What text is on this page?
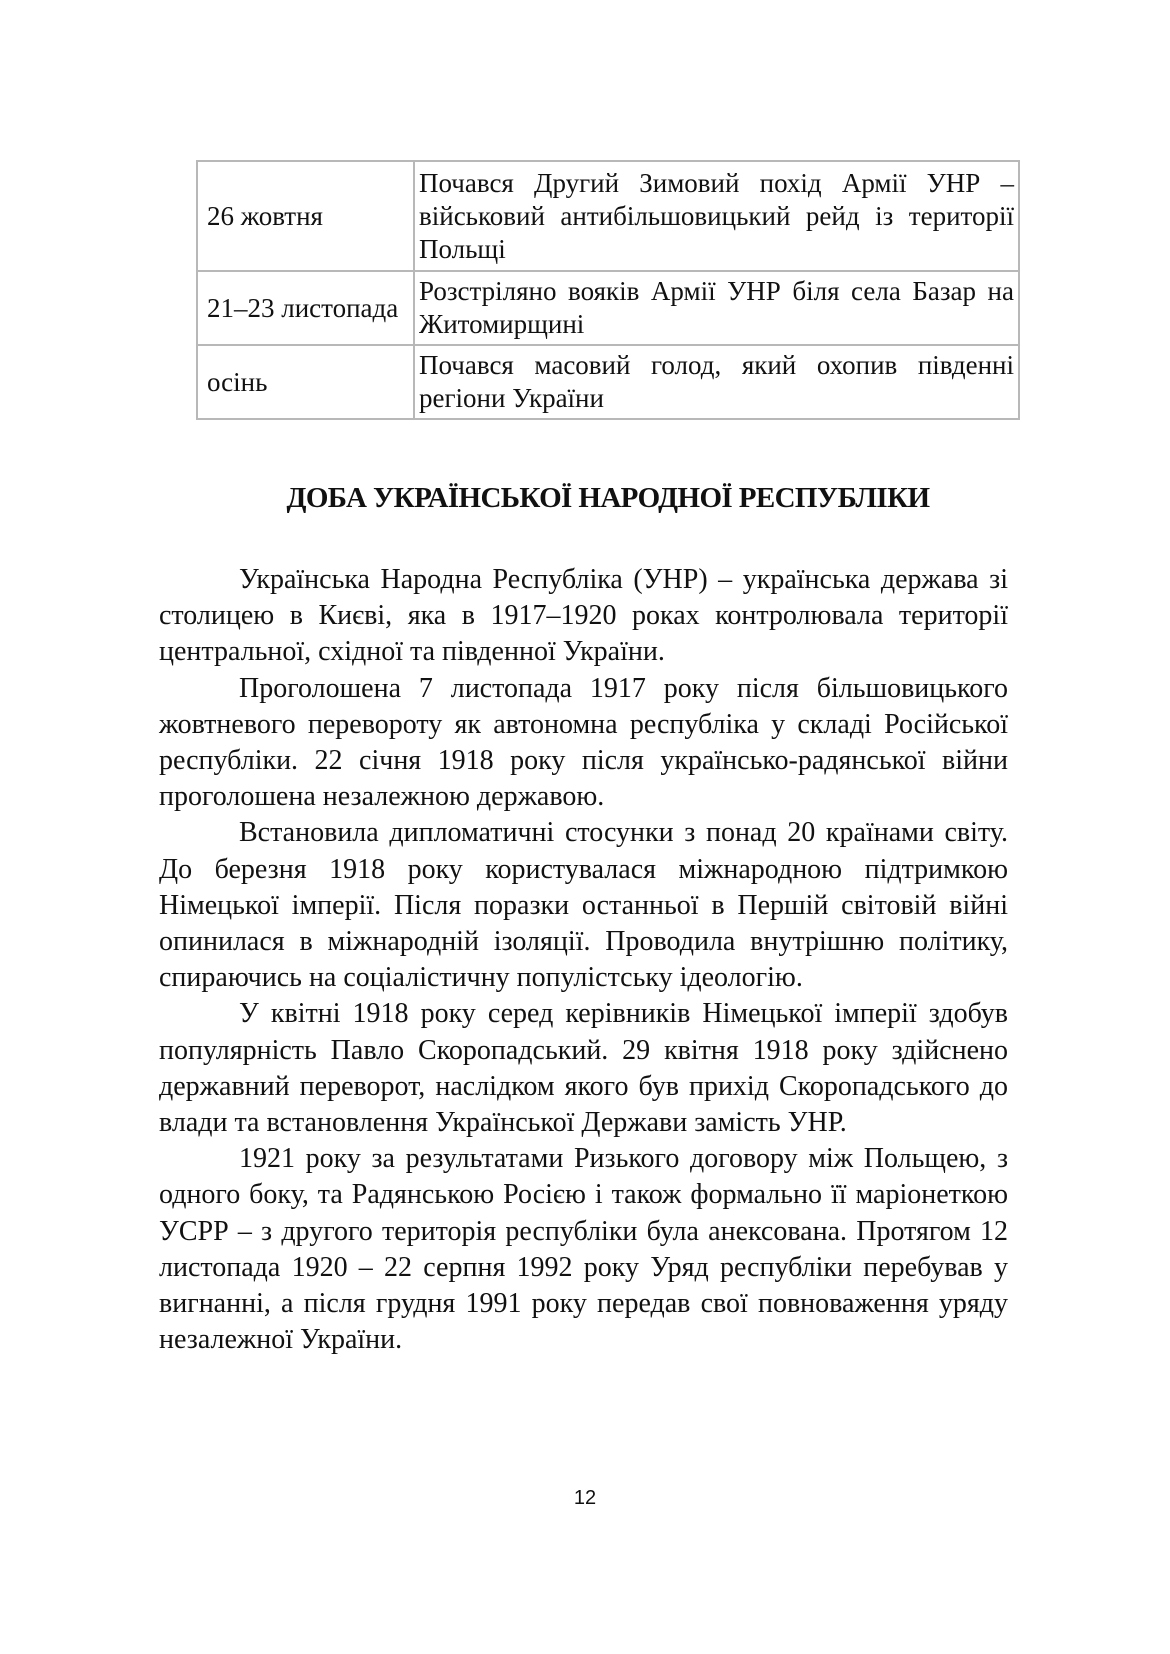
26 жовтня	Почався Другий Зимовий похід Армії УНР – військовий антибільшовицький рейд із території Польщі
21–23 листопада	Розстріляно вояків Армії УНР біля села Базар на Житомирщині
осінь	Почався масовий голод, який охопив південні регіони України
ДОБА УКРАЇНСЬКОЇ НАРОДНОЇ РЕСПУБЛІКИ

Українська Народна Республіка (УНР) – українська держава зі столицею в Києві, яка в 1917–1920 роках контролювала території центральної, східної та південної України.

Проголошена 7 листопада 1917 року після більшовицького жовтневого перевороту як автономна республіка у складі Російської республіки. 22 січня 1918 року після українсько-радянської війни проголошена незалежною державою.

Встановила дипломатичні стосунки з понад 20 країнами світу. До березня 1918 року користувалася міжнародною підтримкою Німецької імперії. Після поразки останньої в Першій світовій війні опинилася в міжнародній ізоляції. Проводила внутрішню політику, спираючись на соціалістичну популістську ідеологію.

У квітні 1918 року серед керівників Німецької імперії здобув популярність Павло Скоропадський. 29 квітня 1918 року здійснено державний переворот, наслідком якого був прихід Скоропадського до влади та встановлення Української Держави замість УНР.

1921 року за результатами Ризького договору між Польщею, з одного боку, та Радянською Росією і також формально її маріонеткою УСРР – з другого територія республіки була анексована. Протягом 12 листопада 1920 – 22 серпня 1992 року Уряд республіки перебував у вигнанні, а після грудня 1991 року передав свої повноваження уряду незалежної України.

12
